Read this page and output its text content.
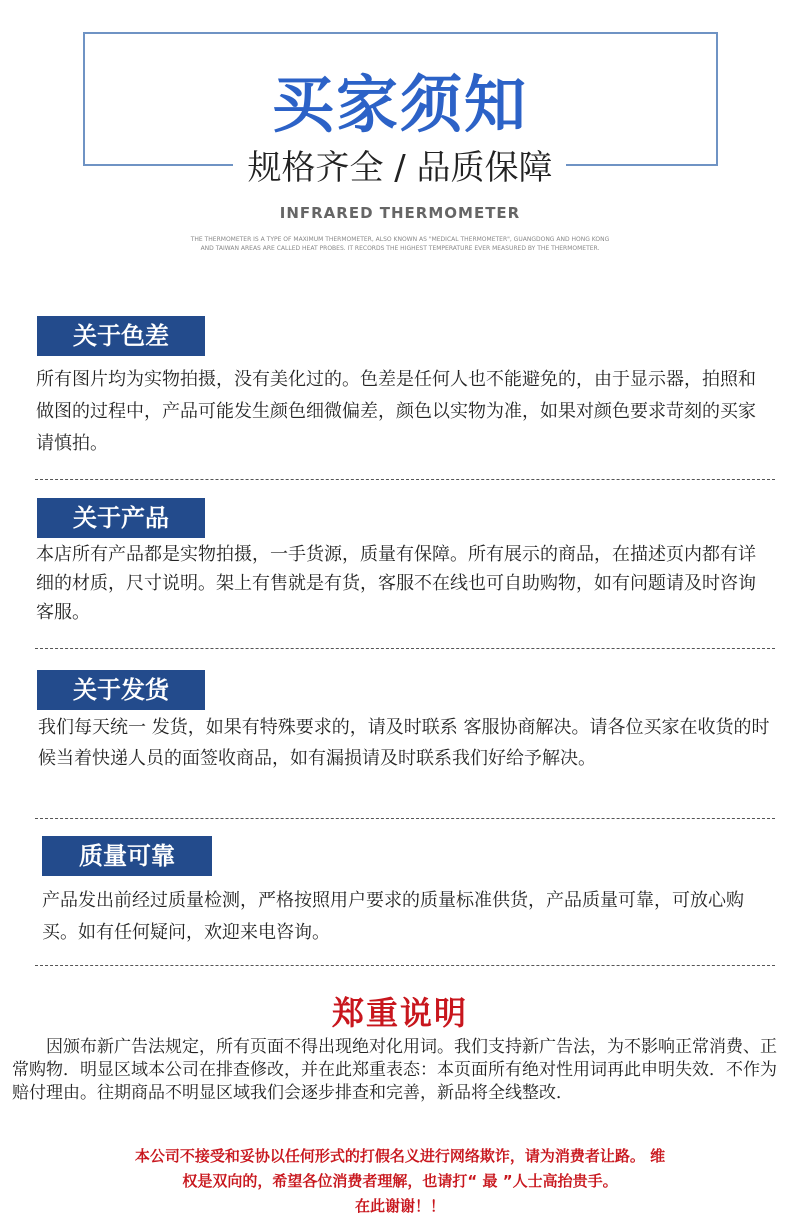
买家须知
规格齐全 / 品质保障
INFRARED THERMOMETER
THE THERMOMETER IS A TYPE OF MAXIMUM THERMOMETER, ALSO KNOWN AS "MEDICAL THERMOMETER", GUANGDONG AND HONG KONG AND TAIWAN AREAS ARE CALLED HEAT PROBES. IT RECORDS THE HIGHEST TEMPERATURE EVER MEASURED BY THE THERMOMETER.
关于色差
所有图片均为实物拍摄，没有美化过的。色差是任何人也不能避免的，由于显示器，拍照和做图的过程中，产品可能发生颜色细微偏差，颜色以实物为准，如果对颜色要求苛刻的买家请慎拍。
关于产品
本店所有产品都是实物拍摄，一手货源，质量有保障。所有展示的商品，在描述页内都有详细的材质，尺寸说明。架上有售就是有货，客服不在线也可自助购物，如有问题请及时咨询客服。
关于发货
我们每天统一 发货，如果有特殊要求的，请及时联系 客服协商解决。请各位买家在收货的时候当着快递人员的面签收商品，如有漏损请及时联系我们好给予解决。
质量可靠
产品发出前经过质量检测，严格按照用户要求的质量标准供货，产品质量可靠，可放心购买。如有任何疑问，欢迎来电咨询。
郑重说明
因颁布新广告法规定，所有页面不得出现绝对化用词。我们支持新广告法，为不影响正常消费、正常购物．明显区域本公司在排查修改，并在此郑重表态：本页面所有绝对性用词再此申明失效．不作为赔付理由。往期商品不明显区域我们会逐步排查和完善，新品将全线整改．
本公司不接受和妥协以任何形式的打假名义进行网络欺诈，请为消费者让路。 维
权是双向的，希望各位消费者理解，也请打“ 最 ”人士高抬贵手。
在此谢谢！！
